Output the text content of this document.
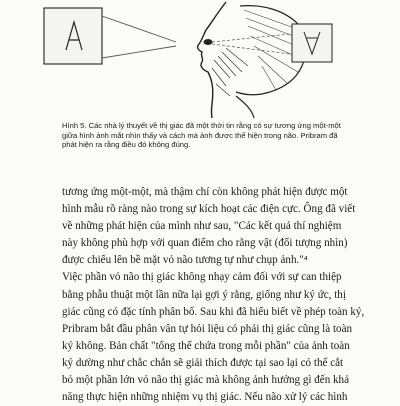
Hình 5. Các nhà lý thuyết về thị giác đã một thời tin rằng có sự tương ứng một-một
giữa hình ảnh mắt nhìn thấy và cách mà ảnh được thể hiện trong não. Pribram đã
phát hiện ra rằng điều đó không đúng.
tương ứng một-một, mà thậm chí còn không phát hiện được một
hình mẫu rõ ràng nào trong sự kích hoạt các điện cực. Ông đã viết
về những phát hiện của mình như sau, "Các kết quả thí nghiệm
này không phù hợp với quan điểm cho rằng vật (đối tượng nhìn)
được chiếu lên bề mặt vỏ não tương tự như chụp ảnh."⁴
Việc phần vỏ não thị giác không nhạy cảm đối với sự can thiệp
bằng phẫu thuật một lần nữa lại gợi ý rằng, giống như ký ức, thị
giác cũng có đặc tính phân bố. Sau khi đã hiểu biết về phép toàn ký,
Pribram bắt đầu phân vân tự hỏi liệu có phải thị giác cũng là toàn
ký không. Bản chất "tổng thể chứa trong mỗi phần" của ảnh toàn
ký dường như chắc chắn sẽ giải thích được tại sao lại có thể cắt
bỏ một phần lớn vỏ não thị giác mà không ảnh hưởng gì đến khả
năng thực hiện những nhiệm vụ thị giác. Nếu não xử lý các hình
